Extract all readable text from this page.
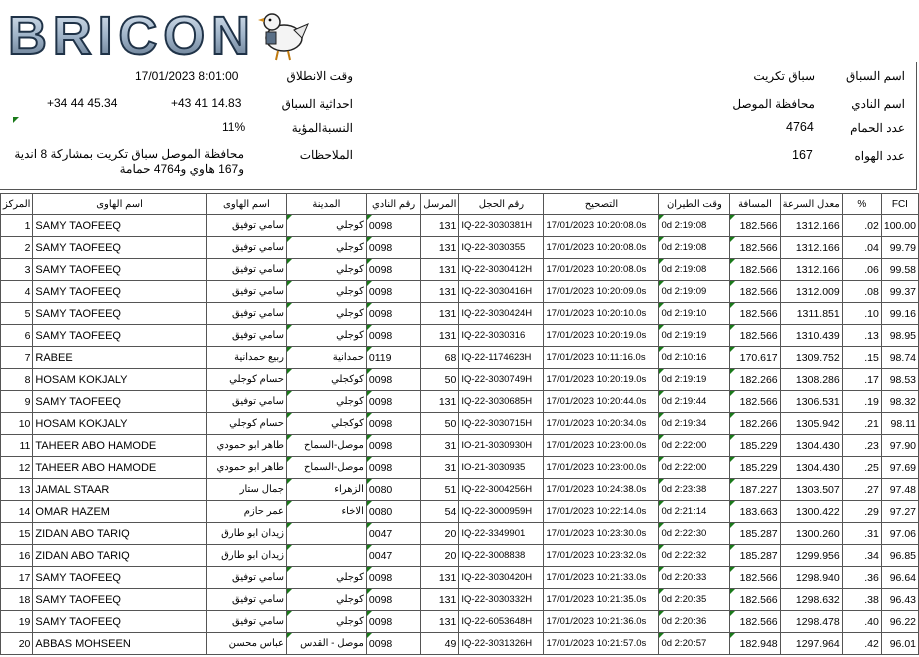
BRICON
اسم السباق
سباق تكريت
اسم النادي
محافظة الموصل
عدد الحمام
4764
عدد الهواه
167
وقت الانطلاق
17/01/2023 8:01:00
احداثية السباق
+43 41 14.83
+34 44 45.34
النسبةالمؤية
11%
الملاحظات
محافظة الموصل سباق تكريت بمشاركة 8 اندية و167 هاوي و4764 حمامة
المركز	اسم الهاوى	اسم الهاوى	المدينة	رقم النادي	المرسل	رقم الحجل	التصحيح	وقت الطيران	المسافة	معدل السرعة	%	FCI
1	SAMY TAOFEEQ	سامي توفيق	كوجلي	0098	131	IQ-22-3030381H	17/01/2023 10:20:08.0s	0d 2:19:08	182.566	1312.166	.02	100.00
2	SAMY TAOFEEQ	سامي توفيق	كوجلي	0098	131	IQ-22-3030355	17/01/2023 10:20:08.0s	0d 2:19:08	182.566	1312.166	.04	99.79
3	SAMY TAOFEEQ	سامي توفيق	كوجلي	0098	131	IQ-22-3030412H	17/01/2023 10:20:08.0s	0d 2:19:08	182.566	1312.166	.06	99.58
4	SAMY TAOFEEQ	سامي توفيق	كوجلي	0098	131	IQ-22-3030416H	17/01/2023 10:20:09.0s	0d 2:19:09	182.566	1312.009	.08	99.37
5	SAMY TAOFEEQ	سامي توفيق	كوجلي	0098	131	IQ-22-3030424H	17/01/2023 10:20:10.0s	0d 2:19:10	182.566	1311.851	.10	99.16
6	SAMY TAOFEEQ	سامي توفيق	كوجلي	0098	131	IQ-22-3030316	17/01/2023 10:20:19.0s	0d 2:19:19	182.566	1310.439	.13	98.95
7	RABEE	ربيع حمدانية	حمدانية	0119	68	IQ-22-1174623H	17/01/2023 10:11:16.0s	0d 2:10:16	170.617	1309.752	.15	98.74
8	HOSAM KOKJALY	حسام كوجلي	كوكجلي	0098	50	IQ-22-3030749H	17/01/2023 10:20:19.0s	0d 2:19:19	182.266	1308.286	.17	98.53
9	SAMY TAOFEEQ	سامي توفيق	كوجلي	0098	131	IQ-22-3030685H	17/01/2023 10:20:44.0s	0d 2:19:44	182.566	1306.531	.19	98.32
10	HOSAM KOKJALY	حسام كوجلي	كوكجلي	0098	50	IQ-22-3030715H	17/01/2023 10:20:34.0s	0d 2:19:34	182.266	1305.942	.21	98.11
11	TAHEER ABO HAMODE	طاهر ابو حمودي	موصل-السماح	0098	31	IO-21-3030930H	17/01/2023 10:23:00.0s	0d 2:22:00	185.229	1304.430	.23	97.90
12	TAHEER ABO HAMODE	طاهر ابو حمودي	موصل-السماح	0098	31	IO-21-3030935	17/01/2023 10:23:00.0s	0d 2:22:00	185.229	1304.430	.25	97.69
13	JAMAL STAAR	جمال ستار	الزهراء	0080	51	IQ-22-3004256H	17/01/2023 10:24:38.0s	0d 2:23:38	187.227	1303.507	.27	97.48
14	OMAR HAZEM	عمر حازم	الاخاء	0080	54	IQ-22-3000959H	17/01/2023 10:22:14.0s	0d 2:21:14	183.663	1300.422	.29	97.27
15	ZIDAN ABO TARIQ	زيدان ابو طارق		0047	20	IQ-22-3349901	17/01/2023 10:23:30.0s	0d 2:22:30	185.287	1300.260	.31	97.06
16	ZIDAN ABO TARIQ	زيدان ابو طارق		0047	20	IQ-22-3008838	17/01/2023 10:23:32.0s	0d 2:22:32	185.287	1299.956	.34	96.85
17	SAMY TAOFEEQ	سامي توفيق	كوجلي	0098	131	IQ-22-3030420H	17/01/2023 10:21:33.0s	0d 2:20:33	182.566	1298.940	.36	96.64
18	SAMY TAOFEEQ	سامي توفيق	كوجلي	0098	131	IQ-22-3030332H	17/01/2023 10:21:35.0s	0d 2:20:35	182.566	1298.632	.38	96.43
19	SAMY TAOFEEQ	سامي توفيق	كوجلي	0098	131	IQ-22-6053648H	17/01/2023 10:21:36.0s	0d 2:20:36	182.566	1298.478	.40	96.22
20	ABBAS MOHSEEN	عباس محسن	موصل - القدس	0098	49	IQ-22-3031326H	17/01/2023 10:21:57.0s	0d 2:20:57	182.948	1297.964	.42	96.01
